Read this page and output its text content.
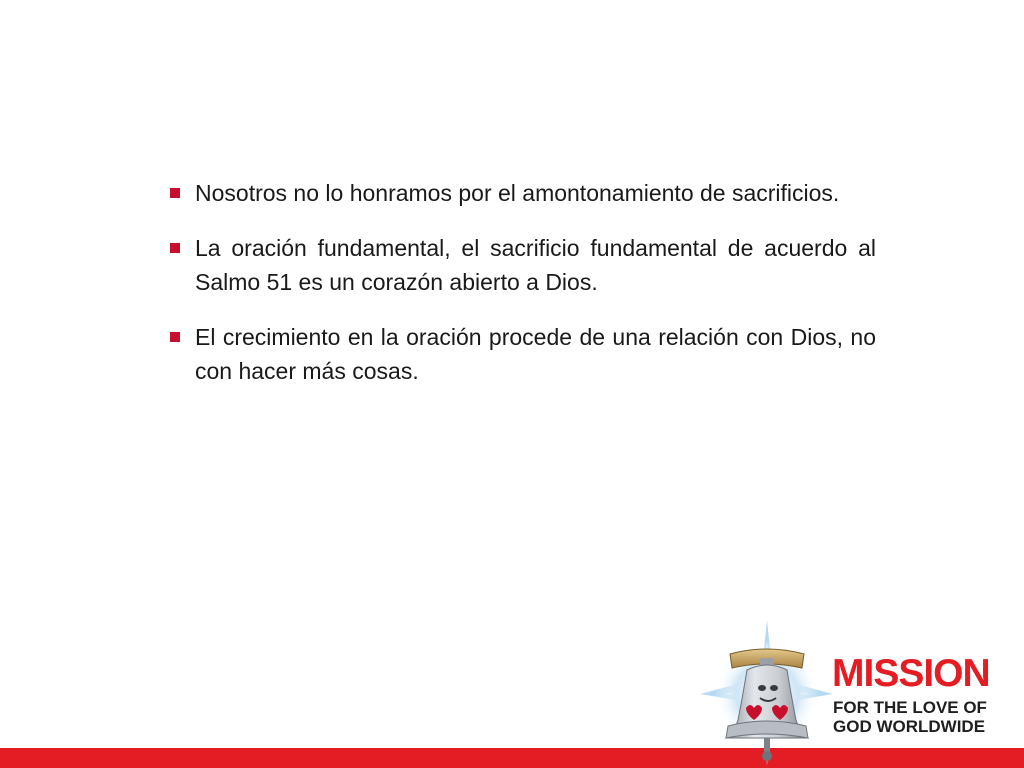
Nosotros no lo honramos por el amontonamiento de sacrificios.
La oración fundamental, el sacrificio fundamental de acuerdo al Salmo 51 es un corazón abierto a Dios.
El crecimiento en la oración procede de una relación con Dios, no con hacer más cosas.
MISSION
FOR THE LOVE OF
GOD WORLDWIDE
